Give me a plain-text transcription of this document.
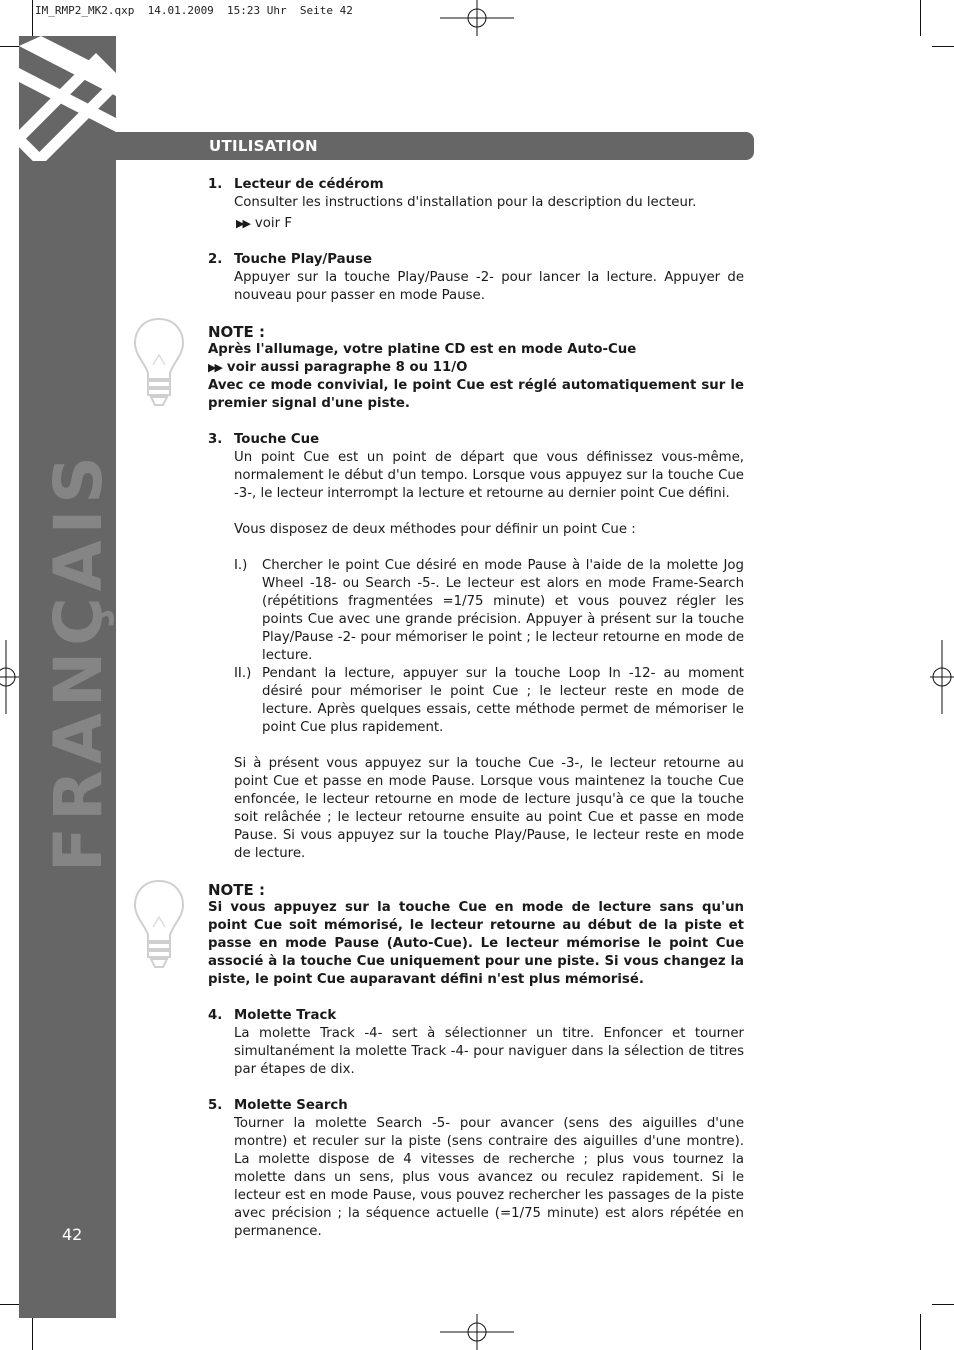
IM_RMP2_MK2.qxp  14.01.2009  15:23 Uhr  Seite 42
FRANÇAIS
42
UTILISATION
1. Lecteur de cédérom
Consulter les instructions d'installation pour la description du lecteur.
▶▶ voir F
2. Touche Play/Pause
Appuyer sur la touche Play/Pause -2- pour lancer la lecture. Appuyer de nouveau pour passer en mode Pause.
NOTE :
Après l'allumage, votre platine CD est en mode Auto-Cue
▶▶ voir aussi paragraphe 8 ou 11/O
Avec ce mode convivial, le point Cue est réglé automatiquement sur le premier signal d'une piste.
3. Touche Cue
Un point Cue est un point de départ que vous définissez vous-même, normalement le début d'un tempo. Lorsque vous appuyez sur la touche Cue -3-, le lecteur interrompt la lecture et retourne au dernier point Cue défini.
Vous disposez de deux méthodes pour définir un point Cue :
I.) Chercher le point Cue désiré en mode Pause à l'aide de la molette Jog Wheel -18- ou Search -5-. Le lecteur est alors en mode Frame-Search (répétitions fragmentées =1/75 minute) et vous pouvez régler les points Cue avec une grande précision. Appuyer à présent sur la touche Play/Pause -2- pour mémoriser le point ; le lecteur retourne en mode de lecture.
II.) Pendant la lecture, appuyer sur la touche Loop In -12- au moment désiré pour mémoriser le point Cue ; le lecteur reste en mode de lecture. Après quelques essais, cette méthode permet de mémoriser le point Cue plus rapidement.
Si à présent vous appuyez sur la touche Cue -3-, le lecteur retourne au point Cue et passe en mode Pause. Lorsque vous maintenez la touche Cue enfoncée, le lecteur retourne en mode de lecture jusqu'à ce que la touche soit relâchée ; le lecteur retourne ensuite au point Cue et passe en mode Pause. Si vous appuyez sur la touche Play/Pause, le lecteur reste en mode de lecture.
NOTE :
Si vous appuyez sur la touche Cue en mode de lecture sans qu'un point Cue soit mémorisé, le lecteur retourne au début de la piste et passe en mode Pause (Auto-Cue). Le lecteur mémorise le point Cue associé à la touche Cue uniquement pour une piste. Si vous changez la piste, le point Cue auparavant défini n'est plus mémorisé.
4. Molette Track
La molette Track -4- sert à sélectionner un titre. Enfoncer et tourner simultanément la molette Track -4- pour naviguer dans la sélection de titres par étapes de dix.
5. Molette Search
Tourner la molette Search -5- pour avancer (sens des aiguilles d'une montre) et reculer sur la piste (sens contraire des aiguilles d'une montre). La molette dispose de 4 vitesses de recherche ; plus vous tournez la molette dans un sens, plus vous avancez ou reculez rapidement. Si le lecteur est en mode Pause, vous pouvez rechercher les passages de la piste avec précision ; la séquence actuelle (=1/75 minute) est alors répétée en permanence.
